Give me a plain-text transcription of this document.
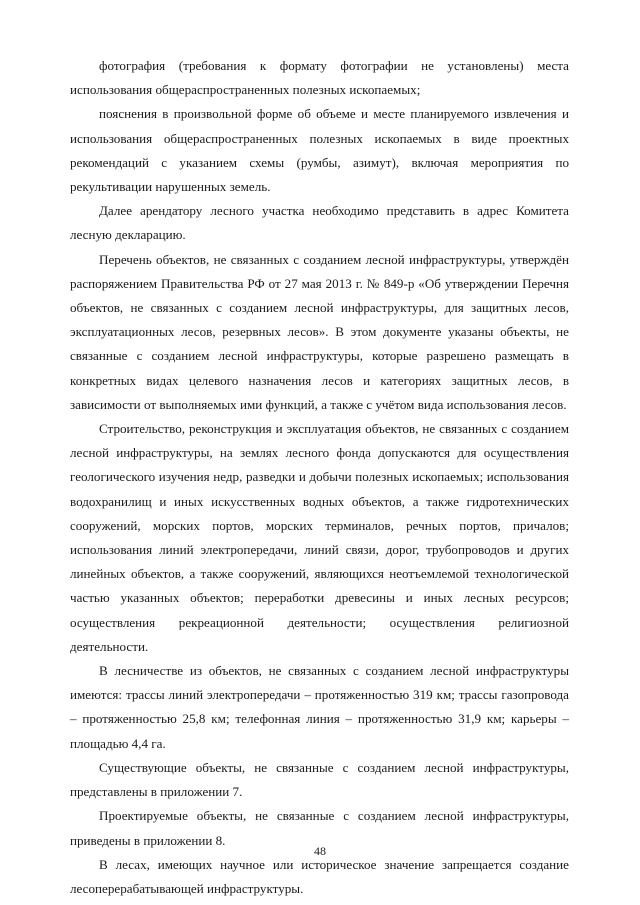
фотография (требования к формату фотографии не установлены) места использования общераспространенных полезных ископаемых;

пояснения в произвольной форме об объеме и месте планируемого извлечения и использования общераспространенных полезных ископаемых в виде проектных рекомендаций с указанием схемы (румбы, азимут), включая мероприятия по рекультивации нарушенных земель.

Далее арендатору лесного участка необходимо представить в адрес Комитета лесную декларацию.

Перечень объектов, не связанных с созданием лесной инфраструктуры, утверждён распоряжением Правительства РФ от 27 мая 2013 г. № 849-р «Об утверждении Перечня объектов, не связанных с созданием лесной инфраструктуры, для защитных лесов, эксплуатационных лесов, резервных лесов». В этом документе указаны объекты, не связанные с созданием лесной инфраструктуры, которые разрешено размещать в конкретных видах целевого назначения лесов и категориях защитных лесов, в зависимости от выполняемых ими функций, а также с учётом вида использования лесов.

Строительство, реконструкция и эксплуатация объектов, не связанных с созданием лесной инфраструктуры, на землях лесного фонда допускаются для осуществления геологического изучения недр, разведки и добычи полезных ископаемых; использования водохранилищ и иных искусственных водных объектов, а также гидротехнических сооружений, морских портов, морских терминалов, речных портов, причалов; использования линий электропередачи, линий связи, дорог, трубопроводов и других линейных объектов, а также сооружений, являющихся неотъемлемой технологической частью указанных объектов; переработки древесины и иных лесных ресурсов; осуществления рекреационной деятельности; осуществления религиозной деятельности.

В лесничестве из объектов, не связанных с созданием лесной инфраструктуры имеются: трассы линий электропередачи – протяженностью 319 км; трассы газопровода – протяженностью 25,8 км; телефонная линия – протяженностью 31,9 км; карьеры – площадью 4,4 га.

Существующие объекты, не связанные с созданием лесной инфраструктуры, представлены в приложении 7.

Проектируемые объекты, не связанные с созданием лесной инфраструктуры, приведены в приложении 8.

В лесах, имеющих научное или историческое значение запрещается создание лесоперерабатывающей инфраструктуры.

48
